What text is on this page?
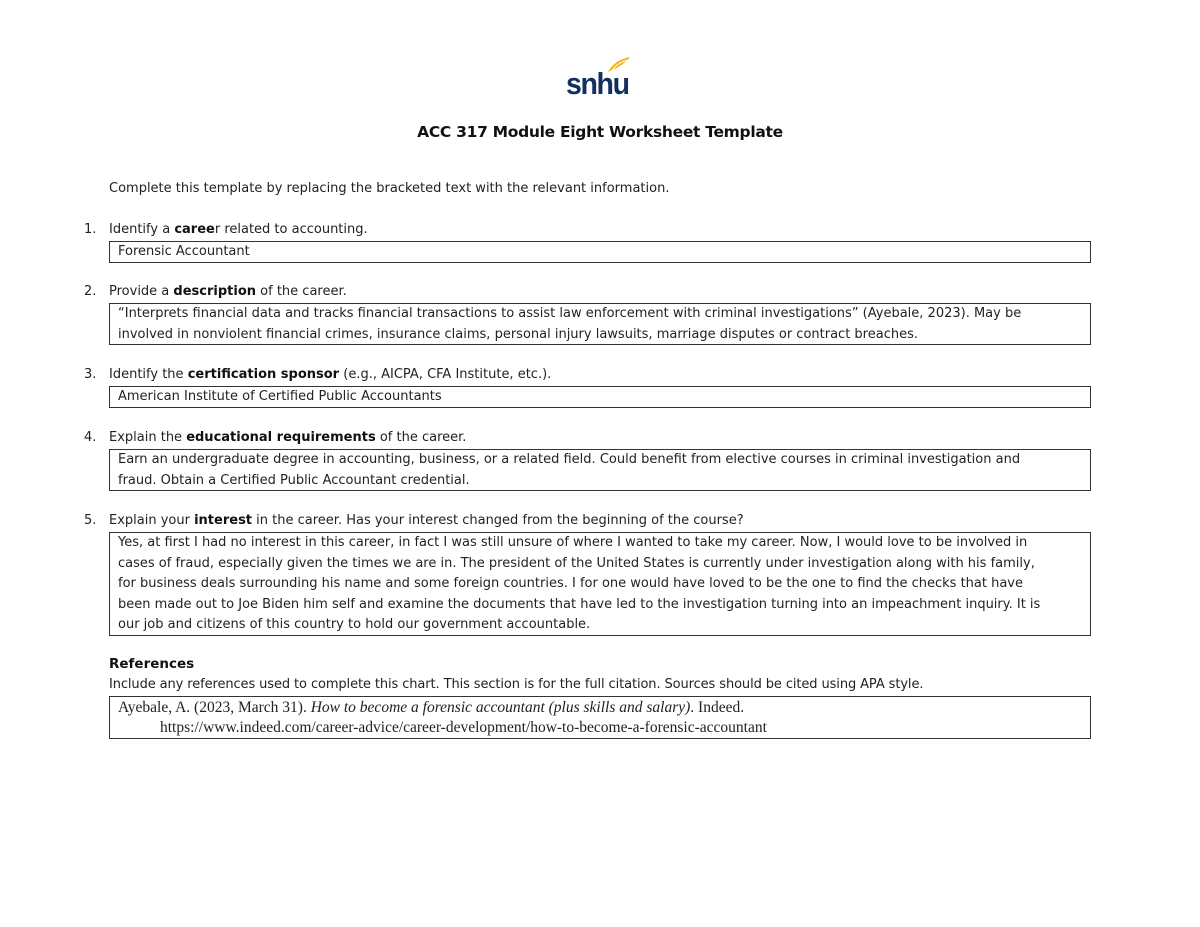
snhu
ACC 317 Module Eight Worksheet Template
Complete this template by replacing the bracketed text with the relevant information.
1. Identify a career related to accounting.
Forensic Accountant
2. Provide a description of the career.
“Interprets financial data and tracks financial transactions to assist law enforcement with criminal investigations” (Ayebale, 2023). May be
involved in nonviolent financial crimes, insurance claims, personal injury lawsuits, marriage disputes or contract breaches.
3. Identify the certification sponsor (e.g., AICPA, CFA Institute, etc.).
American Institute of Certified Public Accountants
4. Explain the educational requirements of the career.
Earn an undergraduate degree in accounting, business, or a related field. Could benefit from elective courses in criminal investigation and
fraud. Obtain a Certified Public Accountant credential.
5. Explain your interest in the career. Has your interest changed from the beginning of the course?
Yes, at first I had no interest in this career, in fact I was still unsure of where I wanted to take my career. Now, I would love to be involved in
cases of fraud, especially given the times we are in. The president of the United States is currently under investigation along with his family,
for business deals surrounding his name and some foreign countries. I for one would have loved to be the one to find the checks that have
been made out to Joe Biden him self and examine the documents that have led to the investigation turning into an impeachment inquiry. It is
our job and citizens of this country to hold our government accountable.
References
Include any references used to complete this chart. This section is for the full citation. Sources should be cited using APA style.
Ayebale, A. (2023, March 31). How to become a forensic accountant (plus skills and salary). Indeed.
https://www.indeed.com/career-advice/career-development/how-to-become-a-forensic-accountant
